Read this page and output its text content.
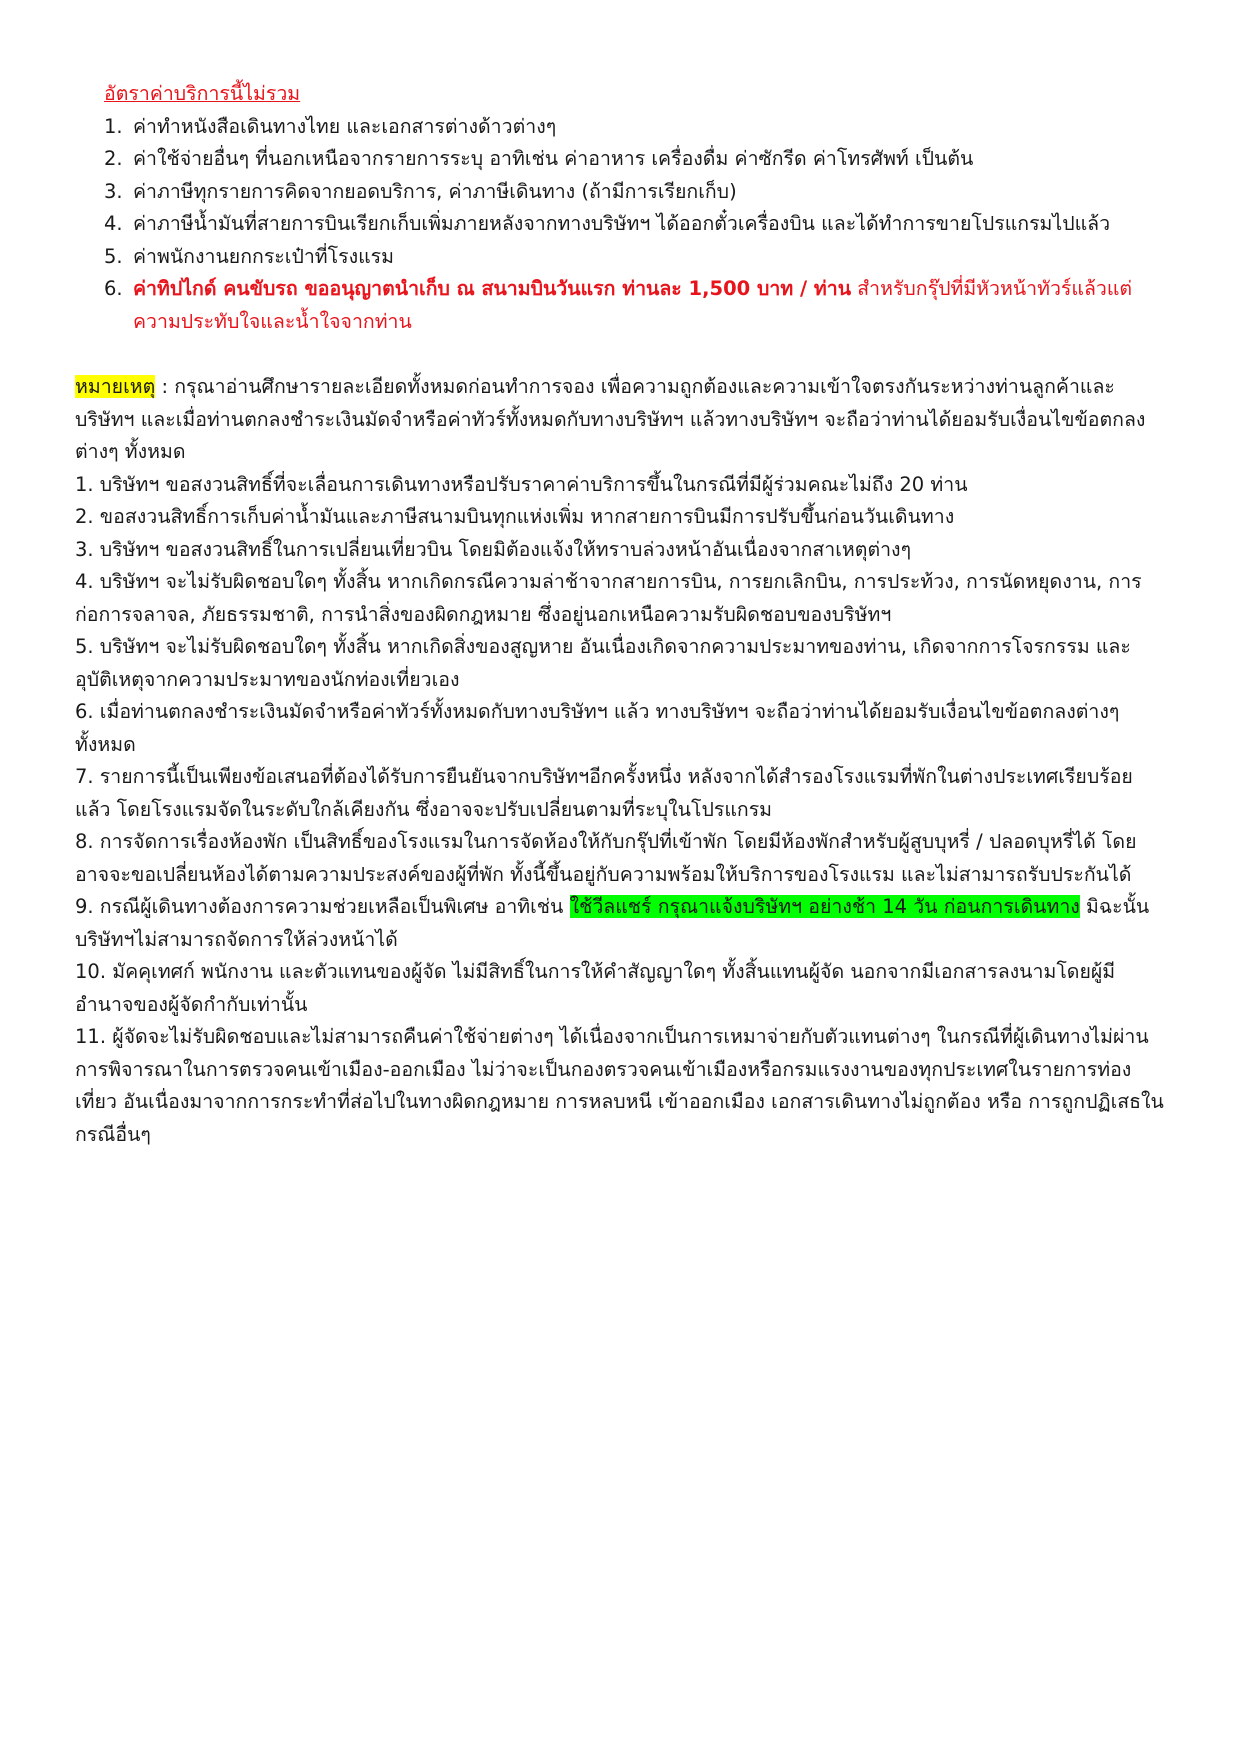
อัตราค่าบริการนี้ไม่รวม
1. ค่าทำหนังสือเดินทางไทย และเอกสารต่างด้าวต่างๆ
2. ค่าใช้จ่ายอื่นๆ ที่นอกเหนือจากรายการระบุ อาทิเช่น ค่าอาหาร เครื่องดื่ม ค่าซักรีด ค่าโทรศัพท์ เป็นต้น
3. ค่าภาษีทุกรายการคิดจากยอดบริการ, ค่าภาษีเดินทาง (ถ้ามีการเรียกเก็บ)
4. ค่าภาษีน้ำมันที่สายการบินเรียกเก็บเพิ่มภายหลังจากทางบริษัทฯ ได้ออกตั๋วเครื่องบิน และได้ทำการขายโปรแกรมไปแล้ว
5. ค่าพนักงานยกกระเป๋าที่โรงแรม
6. ค่าทิปไกด์ คนขับรถ ขออนุญาตนำเก็บ ณ สนามบินวันแรก ท่านละ 1,500 บาท / ท่าน สำหรับกรุ๊ปที่มีหัวหน้าทัวร์แล้วแต่ความประทับใจและน้ำใจจากท่าน

หมายเหตุ : กรุณาอ่านศึกษารายละเอียดทั้งหมดก่อนทำการจอง เพื่อความถูกต้องและความเข้าใจตรงกันระหว่างท่านลูกค้าและบริษัทฯ และเมื่อท่านตกลงชำระเงินมัดจำหรือค่าทัวร์ทั้งหมดกับทางบริษัทฯ แล้วทางบริษัทฯ จะถือว่าท่านได้ยอมรับเงื่อนไขข้อตกลงต่างๆ ทั้งหมด

1. บริษัทฯ ขอสงวนสิทธิ์ที่จะเลื่อนการเดินทางหรือปรับราคาค่าบริการขึ้นในกรณีที่มีผู้ร่วมคณะไม่ถึง 20 ท่าน

2. ขอสงวนสิทธิ์การเก็บค่าน้ำมันและภาษีสนามบินทุกแห่งเพิ่ม หากสายการบินมีการปรับขึ้นก่อนวันเดินทาง

3. บริษัทฯ ขอสงวนสิทธิ์ในการเปลี่ยนเที่ยวบิน โดยมิต้องแจ้งให้ทราบล่วงหน้าอันเนื่องจากสาเหตุต่างๆ

4. บริษัทฯ จะไม่รับผิดชอบใดๆ ทั้งสิ้น หากเกิดกรณีความล่าช้าจากสายการบิน, การยกเลิกบิน, การประท้วง, การนัดหยุดงาน, การก่อการจลาจล, ภัยธรรมชาติ, การนำสิ่งของผิดกฎหมาย ซึ่งอยู่นอกเหนือความรับผิดชอบของบริษัทฯ

5. บริษัทฯ จะไม่รับผิดชอบใดๆ ทั้งสิ้น หากเกิดสิ่งของสูญหาย อันเนื่องเกิดจากความประมาทของท่าน, เกิดจากการโจรกรรม และอุบัติเหตุจากความประมาทของนักท่องเที่ยวเอง

6. เมื่อท่านตกลงชำระเงินมัดจำหรือค่าทัวร์ทั้งหมดกับทางบริษัทฯ แล้ว ทางบริษัทฯ จะถือว่าท่านได้ยอมรับเงื่อนไขข้อตกลงต่างๆ ทั้งหมด

7. รายการนี้เป็นเพียงข้อเสนอที่ต้องได้รับการยืนยันจากบริษัทฯอีกครั้งหนึ่ง หลังจากได้สำรองโรงแรมที่พักในต่างประเทศเรียบร้อยแล้ว โดยโรงแรมจัดในระดับใกล้เคียงกัน ซึ่งอาจจะปรับเปลี่ยนตามที่ระบุในโปรแกรม

8. การจัดการเรื่องห้องพัก เป็นสิทธิ์ของโรงแรมในการจัดห้องให้กับกรุ๊ปที่เข้าพัก โดยมีห้องพักสำหรับผู้สูบบุหรี่ / ปลอดบุหรี่ได้ โดยอาจจะขอเปลี่ยนห้องได้ตามความประสงค์ของผู้ที่พัก ทั้งนี้ขึ้นอยู่กับความพร้อมให้บริการของโรงแรม และไม่สามารถรับประกันได้

9. กรณีผู้เดินทางต้องการความช่วยเหลือเป็นพิเศษ อาทิเช่น ใช้วีลแชร์ กรุณาแจ้งบริษัทฯ อย่างช้า 14 วัน ก่อนการเดินทาง มิฉะนั้นบริษัทฯไม่สามารถจัดการให้ล่วงหน้าได้

10. มัคคุเทศก์ พนักงาน และตัวแทนของผู้จัด ไม่มีสิทธิ์ในการให้คำสัญญาใดๆ ทั้งสิ้นแทนผู้จัด นอกจากมีเอกสารลงนามโดยผู้มีอำนาจของผู้จัดกำกับเท่านั้น

11. ผู้จัดจะไม่รับผิดชอบและไม่สามารถคืนค่าใช้จ่ายต่างๆ ได้เนื่องจากเป็นการเหมาจ่ายกับตัวแทนต่างๆ ในกรณีที่ผู้เดินทางไม่ผ่านการพิจารณาในการตรวจคนเข้าเมือง-ออกเมือง ไม่ว่าจะเป็นกองตรวจคนเข้าเมืองหรือกรมแรงงานของทุกประเทศในรายการท่องเที่ยว อันเนื่องมาจากการกระทำที่ส่อไปในทางผิดกฎหมาย การหลบหนี เข้าออกเมือง เอกสารเดินทางไม่ถูกต้อง หรือ การถูกปฏิเสธในกรณีอื่นๆ
